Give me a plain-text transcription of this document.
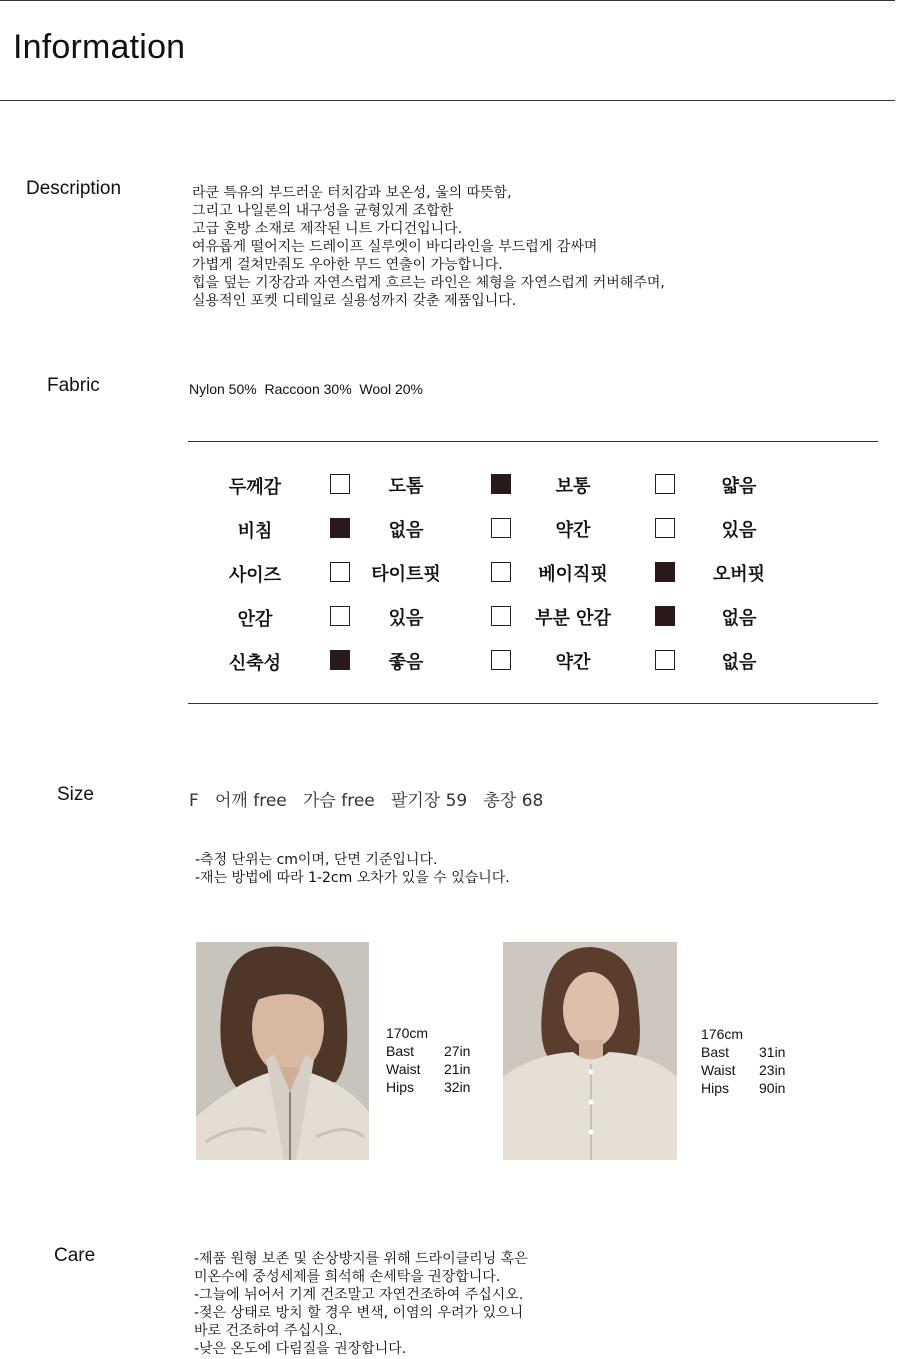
Information
Description	라쿤 특유의 부드러운 터치감과 보온성, 울의 따뜻함,
그리고 나일론의 내구성을 균형있게 조합한
고급 혼방 소재로 제작된 니트 가디건입니다.
여유롭게 떨어지는 드레이프 실루엣이 바디라인을 부드럽게 감싸며
가볍게 걸쳐만줘도 우아한 무드 연출이 가능합니다.
힙을 덮는 기장감과 자연스럽게 흐르는 라인은 체형을 자연스럽게 커버해주며,
실용적인 포켓 디테일로 실용성까지 갖춘 제품입니다.
Fabric	Nylon 50%  Raccoon 30%  Wool 20%
두께감	도톰	보통	얇음
비침	없음	약간	있음
사이즈	타이트핏	베이직핏	오버핏
안감	있음	부분 안감	없음
신축성	좋음	약간	없음
Size	F   어깨 free   가슴 free   팔기장 59   총장 68
-측정 단위는 cm이며, 단면 기준입니다.
-재는 방법에 따라 1-2cm 오차가 있을 수 있습니다.
170cm
Bast	27in
Waist	21in
Hips	32in
176cm
Bast	31in
Waist	23in
Hips	90in
Care	-제품 원형 보존 및 손상방지를 위해 드라이클리닝 혹은
미온수에 중성세제를 희석해 손세탁을 권장합니다.
-그늘에 뉘어서 기계 건조말고 자연건조하여 주십시오.
-젖은 상태로 방치 할 경우 변색, 이염의 우려가 있으니
바로 건조하여 주십시오.
-낮은 온도에 다림질을 권장합니다.
